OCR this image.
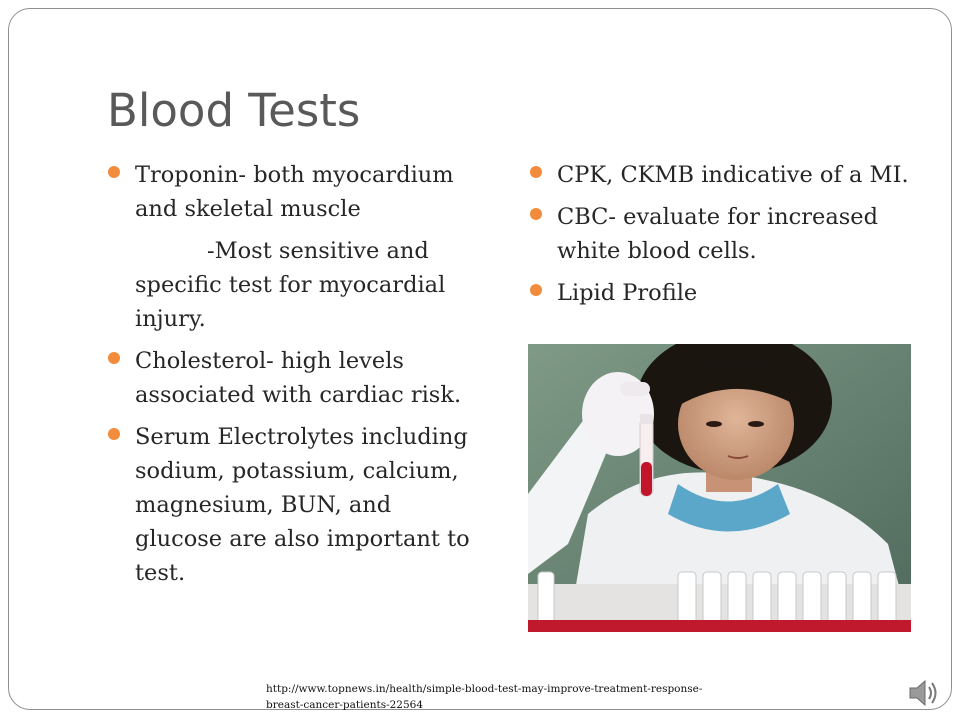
Blood Tests
Troponin- both myocardium and skeletal muscle
-Most sensitive and specific test for myocardial injury.
Cholesterol- high levels associated with cardiac risk.
Serum Electrolytes including sodium, potassium, calcium, magnesium, BUN, and glucose are also important to test.
CPK, CKMB indicative of a MI.
CBC- evaluate for increased white blood cells.
Lipid Profile
http://www.topnews.in/health/simple-blood-test-may-improve-treatment-response-breast-cancer-patients-22564
